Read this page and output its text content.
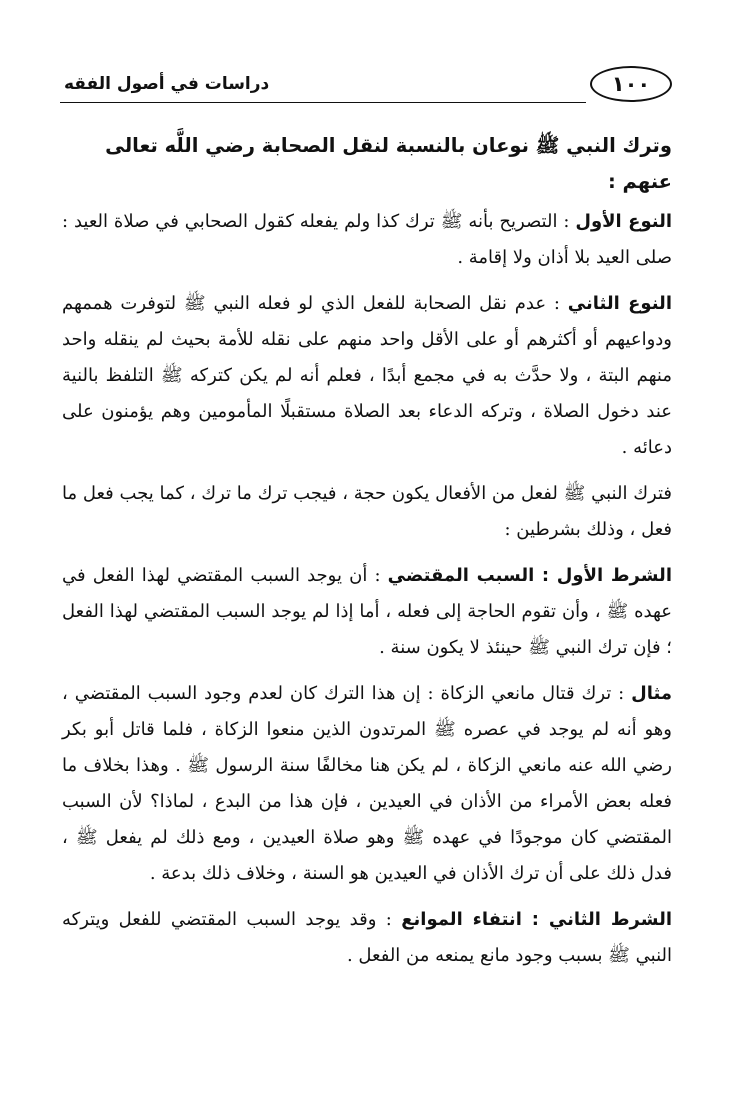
١٠٠
دراسات في أصول الفقه

وترك النبي ﷺ نوعان بالنسبة لنقل الصحابة رضي اللَّه تعالى عنهم :

النوع الأول : التصريح بأنه ﷺ ترك كذا ولم يفعله كقول الصحابي في صلاة العيد : صلى العيد بلا أذان ولا إقامة .

النوع الثاني : عدم نقل الصحابة للفعل الذي لو فعله النبي ﷺ لتوفرت هممهم ودواعيهم أو أكثرهم أو على الأقل واحد منهم على نقله للأمة بحيث لم ينقله واحد منهم البتة ، ولا حدَّث به في مجمع أبدًا ، فعلم أنه لم يكن كتركه ﷺ التلفظ بالنية عند دخول الصلاة ، وتركه الدعاء بعد الصلاة مستقبلًا المأمومين وهم يؤمنون على دعائه .

فترك النبي ﷺ لفعل من الأفعال يكون حجة ، فيجب ترك ما ترك ، كما يجب فعل ما فعل ، وذلك بشرطين :

الشرط الأول : السبب المقتضي : أن يوجد السبب المقتضي لهذا الفعل في عهده ﷺ ، وأن تقوم الحاجة إلى فعله ، أما إذا لم يوجد السبب المقتضي لهذا الفعل ؛ فإن ترك النبي ﷺ حينئذ لا يكون سنة .

مثال : ترك قتال مانعي الزكاة : إن هذا الترك كان لعدم وجود السبب المقتضي ، وهو أنه لم يوجد في عصره ﷺ المرتدون الذين منعوا الزكاة ، فلما قاتل أبو بكر رضي الله عنه مانعي الزكاة ، لم يكن هنا مخالفًا سنة الرسول ﷺ . وهذا بخلاف ما فعله بعض الأمراء من الأذان في العيدين ، فإن هذا من البدع ، لماذا؟ لأن السبب المقتضي كان موجودًا في عهده ﷺ وهو صلاة العيدين ، ومع ذلك لم يفعل ﷺ ، فدل ذلك على أن ترك الأذان في العيدين هو السنة ، وخلاف ذلك بدعة .

الشرط الثاني : انتفاء الموانع : وقد يوجد السبب المقتضي للفعل ويتركه النبي ﷺ بسبب وجود مانع يمنعه من الفعل .
